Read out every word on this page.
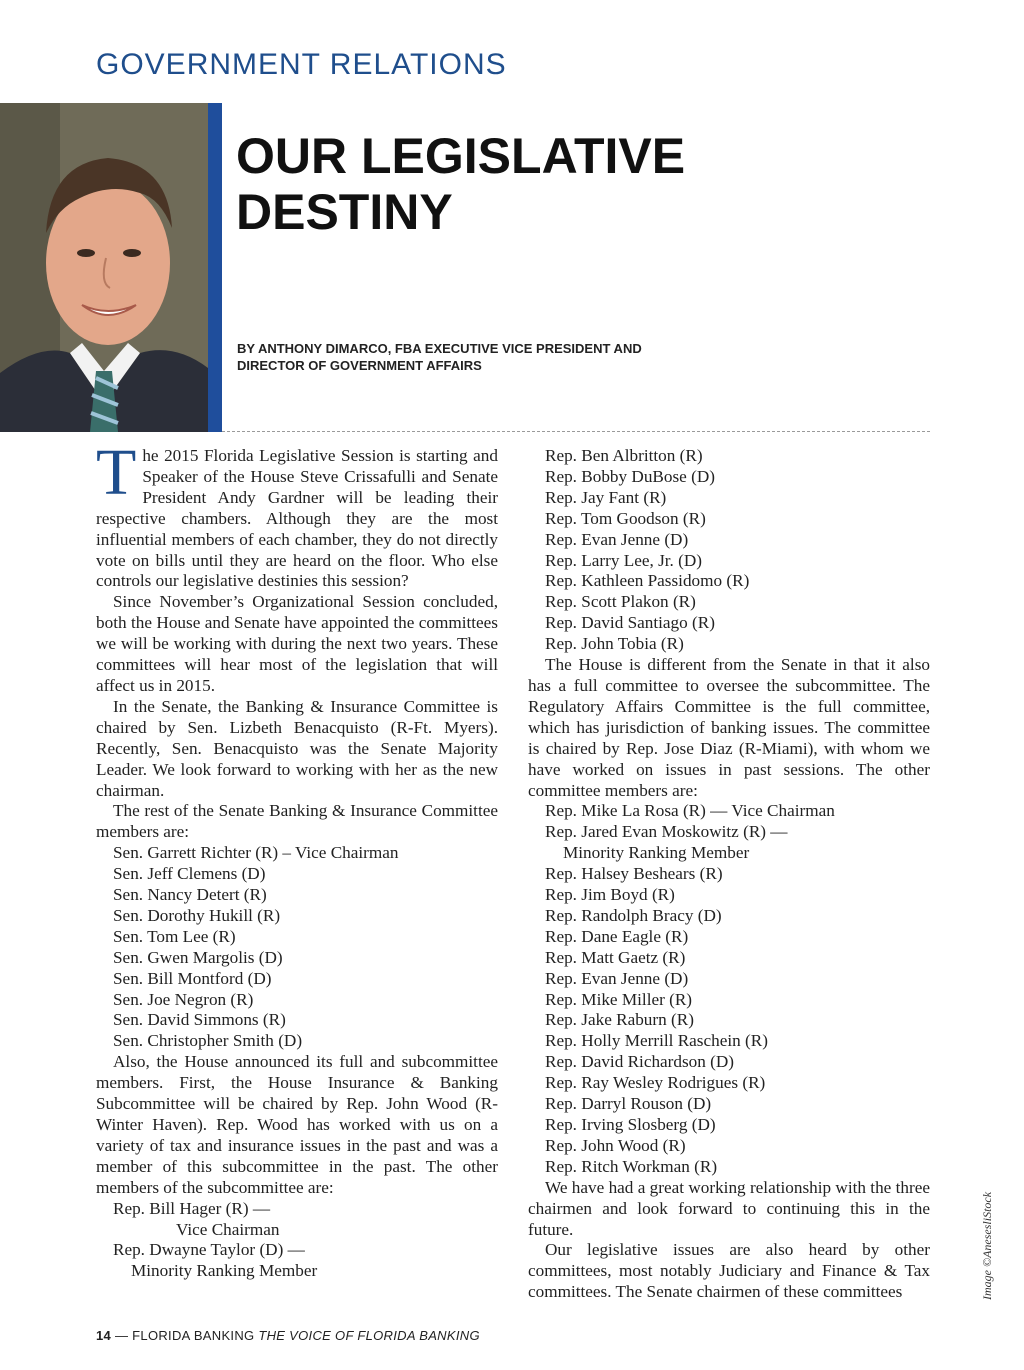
GOVERNMENT RELATIONS
OUR LEGISLATIVE
DESTINY
BY ANTHONY DIMARCO, FBA EXECUTIVE VICE PRESIDENT AND
DIRECTOR OF GOVERNMENT AFFAIRS
The 2015 Florida Legislative Session is starting and Speaker of the House Steve Crissafulli and Senate President Andy Gardner will be leading their respective chambers. Although they are the most influential members of each chamber, they do not directly vote on bills until they are heard on the floor. Who else controls our legislative destinies this session?
Since November’s Organizational Session concluded, both the House and Senate have appointed the committees we will be working with during the next two years. These committees will hear most of the legislation that will affect us in 2015.
In the Senate, the Banking & Insurance Committee is chaired by Sen. Lizbeth Benacquisto (R-Ft. Myers). Recently, Sen. Benacquisto was the Senate Majority Leader. We look forward to working with her as the new chairman.
The rest of the Senate Banking & Insurance Committee members are:
Sen. Garrett Richter (R) – Vice Chairman
Sen. Jeff Clemens (D)
Sen. Nancy Detert (R)
Sen. Dorothy Hukill (R)
Sen. Tom Lee (R)
Sen. Gwen Margolis (D)
Sen. Bill Montford (D)
Sen. Joe Negron (R)
Sen. David Simmons (R)
Sen. Christopher Smith (D)
Also, the House announced its full and subcommittee members. First, the House Insurance & Banking Subcommittee will be chaired by Rep. John Wood (R-Winter Haven). Rep. Wood has worked with us on a variety of tax and insurance issues in the past and was a member of this subcommittee in the past. The other members of the subcommittee are:
Rep. Bill Hager (R) —
Vice Chairman
Rep. Dwayne Taylor (D) —
Minority Ranking Member
Rep. Ben Albritton (R)
Rep. Bobby DuBose (D)
Rep. Jay Fant (R)
Rep. Tom Goodson (R)
Rep. Evan Jenne (D)
Rep. Larry Lee, Jr. (D)
Rep. Kathleen Passidomo (R)
Rep. Scott Plakon (R)
Rep. David Santiago (R)
Rep. John Tobia (R)
The House is different from the Senate in that it also has a full committee to oversee the subcommittee. The Regulatory Affairs Committee is the full committee, which has jurisdiction of banking issues. The committee is chaired by Rep. Jose Diaz (R-Miami), with whom we have worked on issues in past sessions. The other committee members are:
Rep. Mike La Rosa (R) — Vice Chairman
Rep. Jared Evan Moskowitz (R) —
Minority Ranking Member
Rep. Halsey Beshears (R)
Rep. Jim Boyd (R)
Rep. Randolph Bracy (D)
Rep. Dane Eagle (R)
Rep. Matt Gaetz (R)
Rep. Evan Jenne (D)
Rep. Mike Miller (R)
Rep. Jake Raburn (R)
Rep. Holly Merrill Raschein (R)
Rep. David Richardson (D)
Rep. Ray Wesley Rodrigues (R)
Rep. Darryl Rouson (D)
Rep. Irving Slosberg (D)
Rep. John Wood (R)
Rep. Ritch Workman (R)
We have had a great working relationship with the three chairmen and look forward to continuing this in the future.
Our legislative issues are also heard by other committees, most notably Judiciary and Finance & Tax committees. The Senate chairmen of these committees
14 — FLORIDA BANKING THE VOICE OF FLORIDA BANKING
Image ©AnesesliStock
